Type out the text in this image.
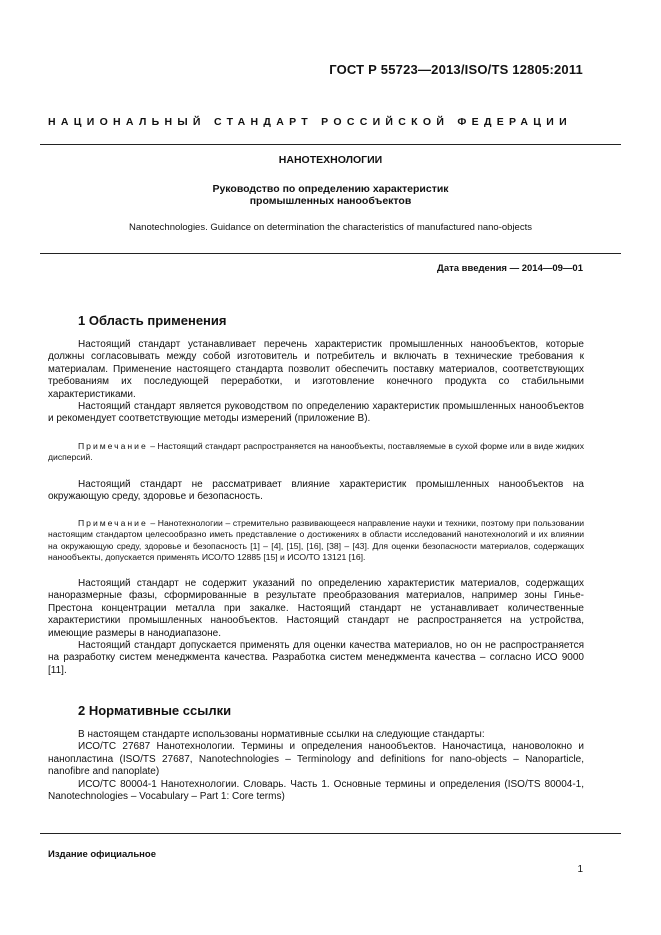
ГОСТ Р 55723—2013/ISO/TS 12805:2011
НАЦИОНАЛЬНЫЙ СТАНДАРТ РОССИЙСКОЙ ФЕДЕРАЦИИ
НАНОТЕХНОЛОГИИ
Руководство по определению характеристик
промышленных нанообъектов
Nanotechnologies. Guidance on determination the characteristics of manufactured nano-objects
Дата введения — 2014—09—01
1 Область применения

Настоящий стандарт устанавливает перечень характеристик промышленных нанообъектов, которые должны согласовывать между собой изготовитель и потребитель и включать в технические требования к материалам. Применение настоящего стандарта позволит обеспечить поставку материалов, соответствующих требованиям их последующей переработки, и изготовление конечного продукта со стабильными характеристиками.

Настоящий стандарт является руководством по определению характеристик промышленных нанообъектов и рекомендует соответствующие методы измерений (приложение В).

Примечание – Настоящий стандарт распространяется на нанообъекты, поставляемые в сухой форме или в виде жидких дисперсий.

Настоящий стандарт не рассматривает влияние характеристик промышленных нанообъектов на окружающую среду, здоровье и безопасность.

Примечание – Нанотехнологии – стремительно развивающееся направление науки и техники, поэтому при пользовании настоящим стандартом целесообразно иметь представление о достижениях в области исследований нанотехнологий и их влиянии на окружающую среду, здоровье и безопасность [1] – [4], [15], [16], [38] – [43]. Для оценки безопасности материалов, содержащих нанообъекты, допускается применять ИСО/ТО 12885 [15] и ИСО/ТО 13121 [16].

Настоящий стандарт не содержит указаний по определению характеристик материалов, содержащих наноразмерные фазы, сформированные в результате преобразования материалов, например зоны Гинье-Престона концентрации металла при закалке. Настоящий стандарт не устанавливает количественные характеристики промышленных нанообъектов. Настоящий стандарт не распространяется на устройства, имеющие размеры в нанодиапазоне.

Настоящий стандарт допускается применять для оценки качества материалов, но он не распространяется на разработку систем менеджмента качества. Разработка систем менеджмента качества – согласно ИСО 9000 [11].

2 Нормативные ссылки

В настоящем стандарте использованы нормативные ссылки на следующие стандарты:

ИСО/ТС 27687 Нанотехнологии. Термины и определения нанообъектов. Наночастица, нановолокно и нанопластина (ISO/TS 27687, Nanotechnologies – Terminology and definitions for nano-objects – Nanoparticle, nanofibre and nanoplate)

ИСО/ТС 80004-1 Нанотехнологии. Словарь. Часть 1. Основные термины и определения (ISO/TS 80004-1, Nanotechnologies – Vocabulary – Part 1: Core terms)

Издание официальное
1
